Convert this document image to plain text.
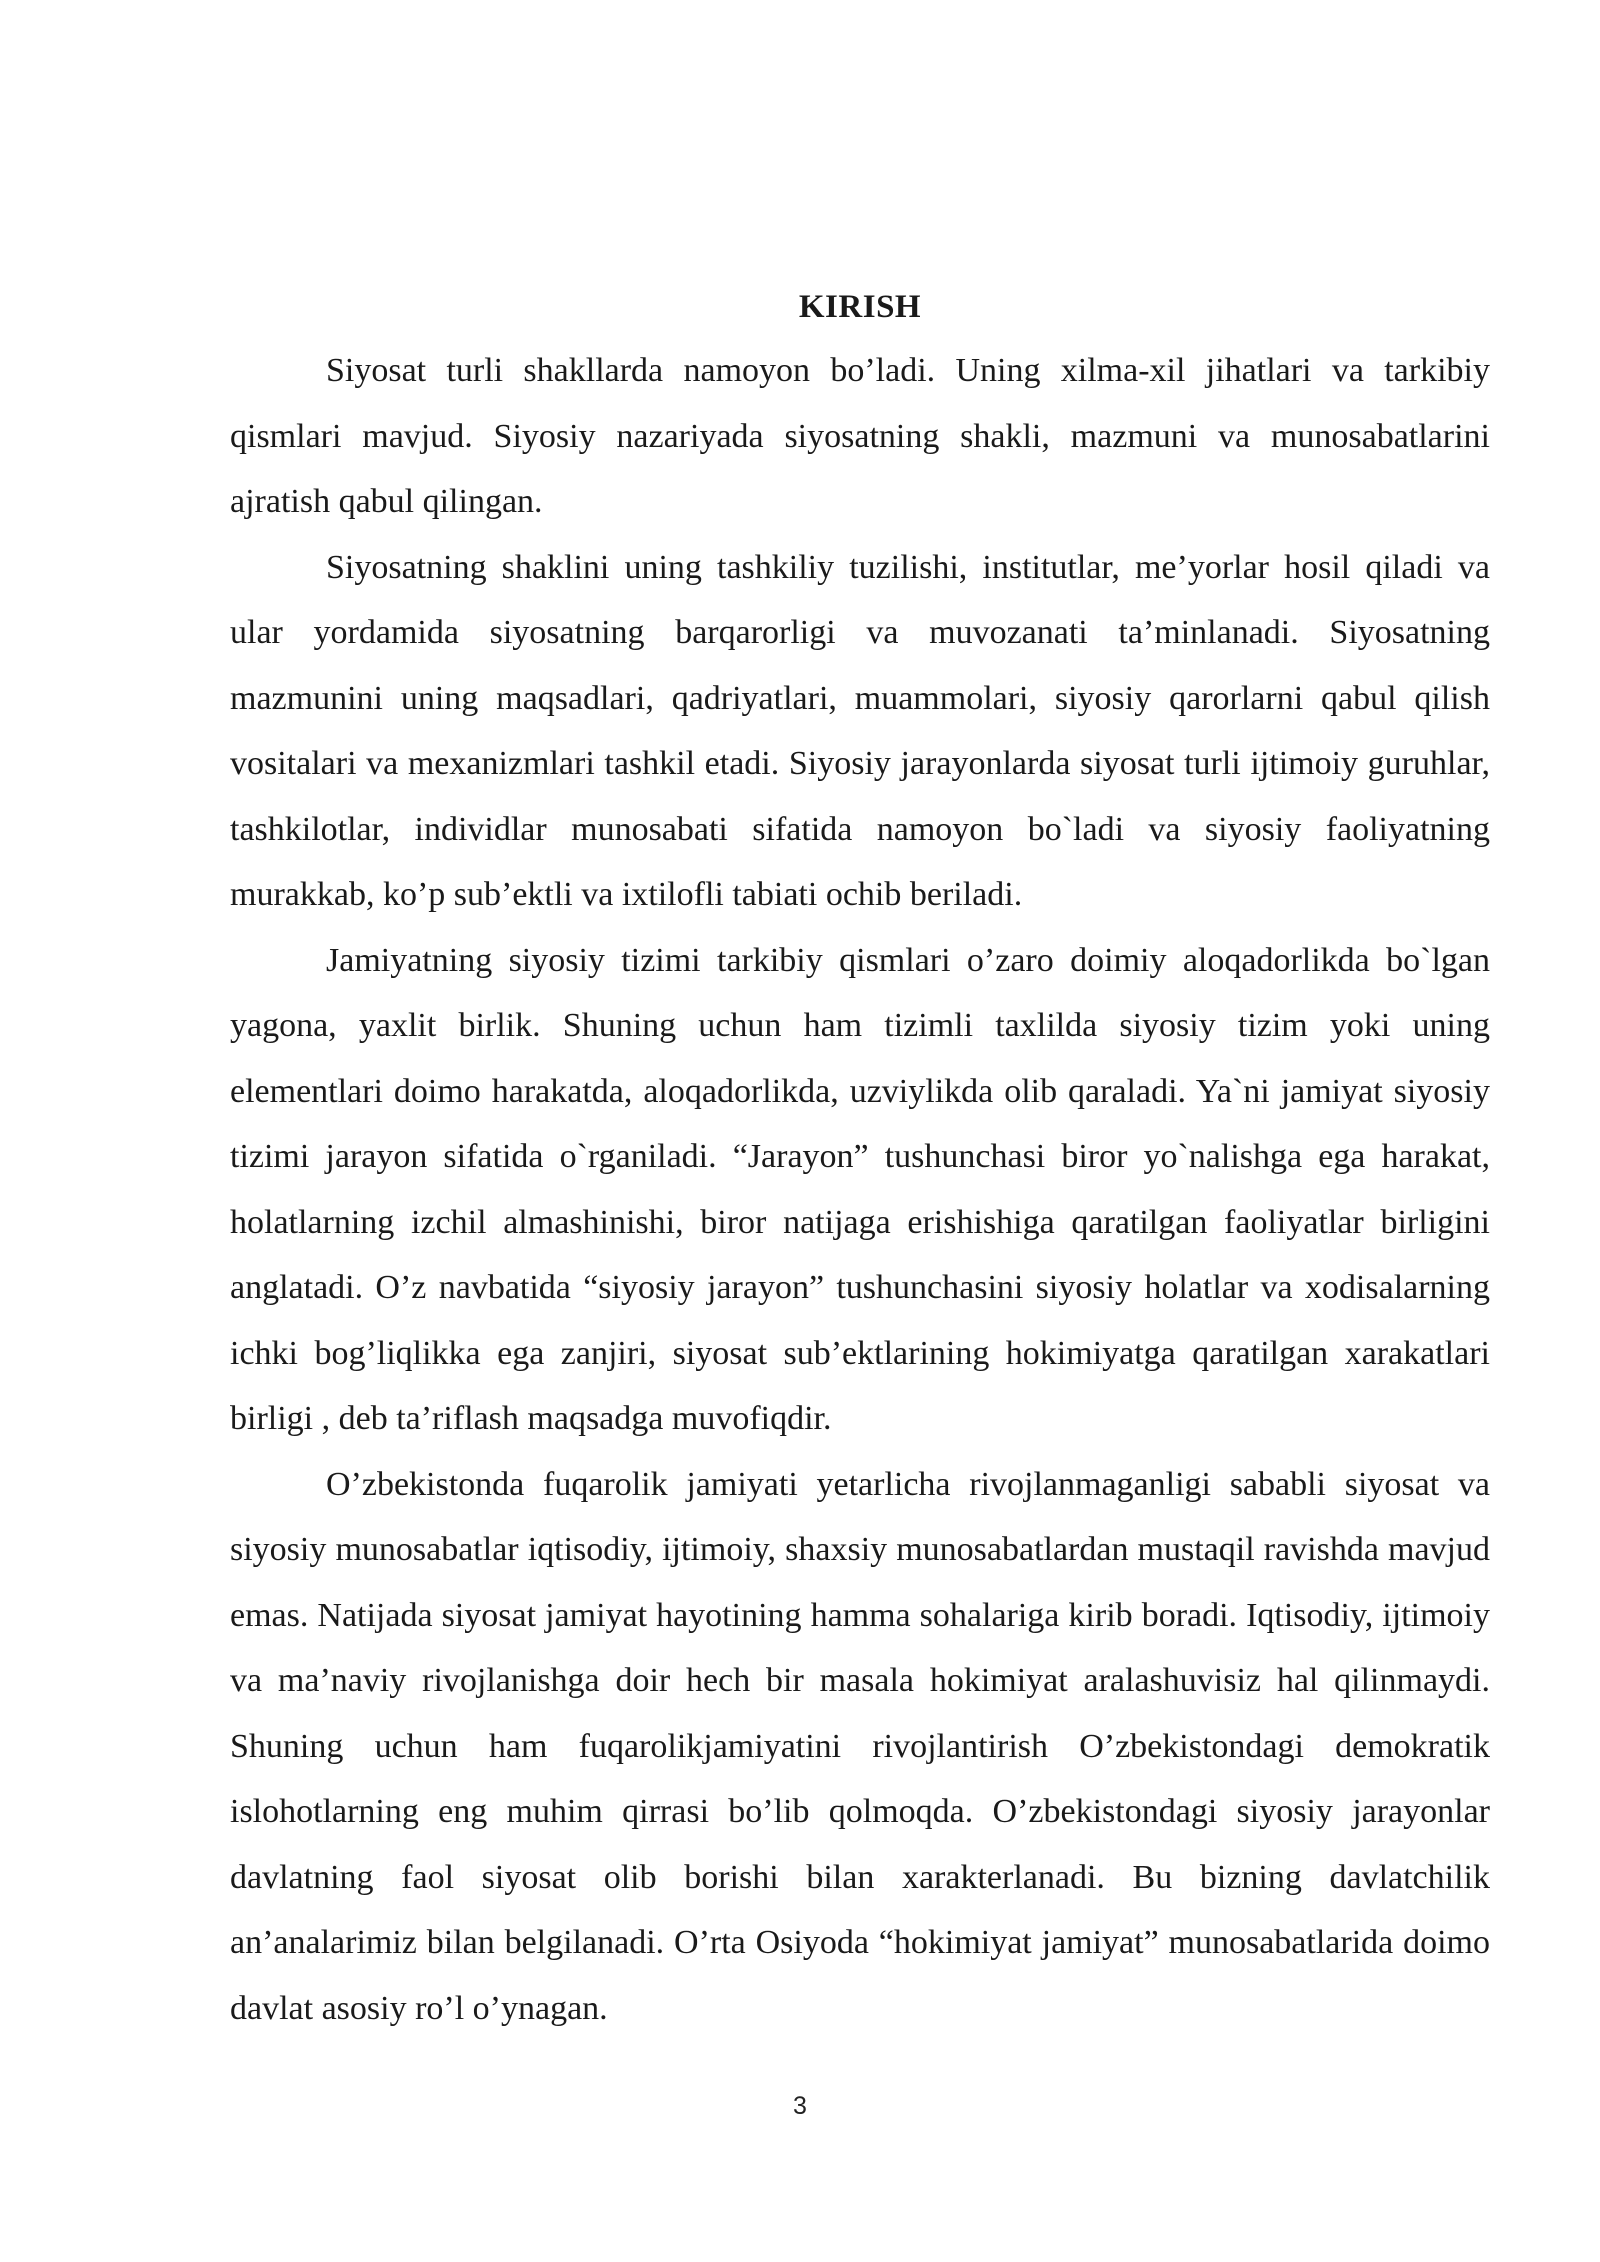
KIRISH

Siyosat turli shakllarda namoyon bo’ladi. Uning xilma-xil jihatlari va tarkibiy qismlari mavjud. Siyosiy nazariyada siyosatning shakli, mazmuni va munosabatlarini ajratish qabul qilingan.

Siyosatning shaklini uning tashkiliy tuzilishi, institutlar, me’yorlar hosil qiladi va ular yordamida siyosatning barqarorligi va muvozanati ta’minlanadi. Siyosatning mazmunini uning maqsadlari, qadriyatlari, muammolari, siyosiy qarorlarni qabul qilish vositalari va mexanizmlari tashkil etadi. Siyosiy jarayonlarda siyosat turli ijtimoiy guruhlar, tashkilotlar, individlar munosabati sifatida namoyon bo`ladi va siyosiy faoliyatning murakkab, ko’p sub’ektli va ixtilofli tabiati ochib beriladi.

Jamiyatning siyosiy tizimi tarkibiy qismlari o’zaro doimiy aloqadorlikda bo`lgan yagona, yaxlit birlik. Shuning uchun ham tizimli taxlilda siyosiy tizim yoki uning elementlari doimo harakatda, aloqadorlikda, uzviylikda olib qaraladi. Ya`ni jamiyat siyosiy tizimi jarayon sifatida o`rganiladi. “Jarayon” tushunchasi biror yo`nalishga ega harakat, holatlarning izchil almashinishi, biror natijaga erishishiga qaratilgan faoliyatlar birligini anglatadi. O’z navbatida “siyosiy jarayon” tushunchasini siyosiy holatlar va xodisalarning ichki bog’liqlikka ega zanjiri, siyosat sub’ektlarining hokimiyatga qaratilgan xarakatlari birligi , deb ta’riflash maqsadga muvofiqdir.

O’zbekistonda fuqarolik jamiyati yetarlicha rivojlanmaganligi sababli siyosat va siyosiy munosabatlar iqtisodiy, ijtimoiy, shaxsiy munosabatlardan mustaqil ravishda mavjud emas. Natijada siyosat jamiyat hayotining hamma sohalariga kirib boradi. Iqtisodiy, ijtimoiy va ma’naviy rivojlanishga doir hech bir masala hokimiyat aralashuvisiz hal qilinmaydi. Shuning uchun ham fuqarolikjamiyatini rivojlantirish O’zbekistondagi demokratik islohotlarning eng muhim qirrasi bo’lib qolmoqda. O’zbekistondagi siyosiy jarayonlar davlatning faol siyosat olib borishi bilan xarakterlanadi. Bu bizning davlatchilik an’analarimiz bilan belgilanadi. O’rta Osiyoda “hokimiyat jamiyat” munosabatlarida doimo davlat asosiy ro’l o’ynagan.

3
